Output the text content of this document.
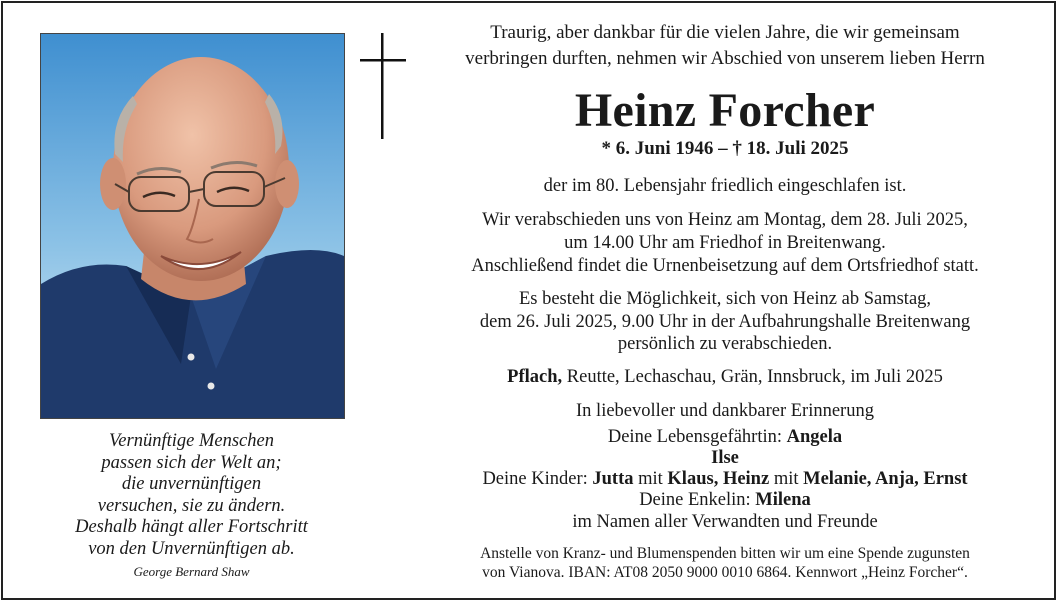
Vernünftige Menschen
passen sich der Welt an;
die unvernünftigen
versuchen, sie zu ändern.
Deshalb hängt aller Fortschritt
von den Unvernünftigen ab.
George Bernard Shaw
Traurig, aber dankbar für die vielen Jahre, die wir gemeinsam
verbringen durften, nehmen wir Abschied von unserem lieben Herrn
Heinz Forcher
* 6. Juni 1946 – † 18. Juli 2025
der im 80. Lebensjahr friedlich eingeschlafen ist.
Wir verabschieden uns von Heinz am Montag, dem 28. Juli 2025,
um 14.00 Uhr am Friedhof in Breitenwang.
Anschließend findet die Urnenbeisetzung auf dem Ortsfriedhof statt.
Es besteht die Möglichkeit, sich von Heinz ab Samstag,
dem 26. Juli 2025, 9.00 Uhr in der Aufbahrungshalle Breitenwang
persönlich zu verabschieden.
Pflach, Reutte, Lechaschau, Grän, Innsbruck, im Juli 2025
In liebevoller und dankbarer Erinnerung
Deine Lebensgefährtin: Angela
Ilse
Deine Kinder: Jutta mit Klaus, Heinz mit Melanie, Anja, Ernst
Deine Enkelin: Milena
im Namen aller Verwandten und Freunde
Anstelle von Kranz- und Blumenspenden bitten wir um eine Spende zugunsten
von Vianova. IBAN: AT08 2050 9000 0010 6864. Kennwort „Heinz Forcher“.
